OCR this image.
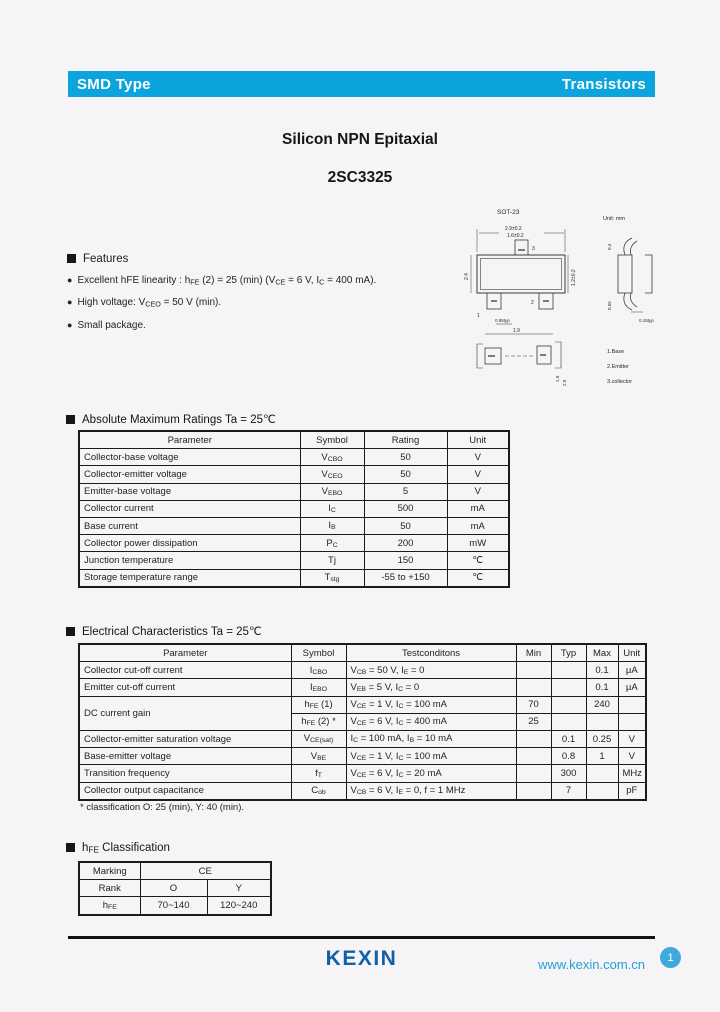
SMD Type	Transistors
Silicon NPN Epitaxial
2SC3325
Features
●Excellent hFE linearity : hFE (2) = 25 (min) (VCE = 6 V, IC = 400 mA).
●High voltage: VCEO = 50 V (min).
●Small package.
SOT-23
Unit: mm
2.9±0.2
1.6±0.2
2.4	1.2±0.2
3
1
2
0.95typ
1.9
0.4
0.55
0.15typ
1.9
2.9
1.Base
2.Emitter
3.collector
Absolute Maximum Ratings Ta = 25℃
Parameter	Symbol	Rating	Unit
Collector-base voltage	VCBO	50	V
Collector-emitter voltage	VCEO	50	V
Emitter-base voltage	VEBO	5	V
Collector current	IC	500	mA
Base current	IB	50	mA
Collector power dissipation	PC	200	mW
Junction temperature	Tj	150	℃
Storage temperature range	Tstg	-55 to +150	℃
Electrical Characteristics Ta = 25℃
Parameter	Symbol	Testconditons	Min	Typ	Max	Unit
Collector cut-off current	ICBO	VCB = 50 V, IE = 0			0.1	μA
Emitter cut-off current	IEBO	VEB = 5 V, IC = 0			0.1	μA
DC current gain	hFE (1)	VCE = 1 V, IC = 100 mA	70		240	
	hFE (2) *	VCE = 6 V, IC = 400 mA	25			
Collector-emitter saturation voltage	VCE(sat)	IC = 100 mA, IB = 10 mA		0.1	0.25	V
Base-emitter voltage	VBE	VCE = 1 V, IC = 100 mA		0.8	1	V
Transition frequency	fT	VCE = 6 V, IC = 20 mA		300		MHz
Collector output capacitance	Cob	VCB = 6 V, IE = 0, f = 1 MHz		7		pF
* classification O: 25 (min), Y: 40 (min).
hFE Classification
Marking	CE	
Rank	O	Y
hFE	70~140	120~240
KEXIN	www.kexin.com.cn	1
